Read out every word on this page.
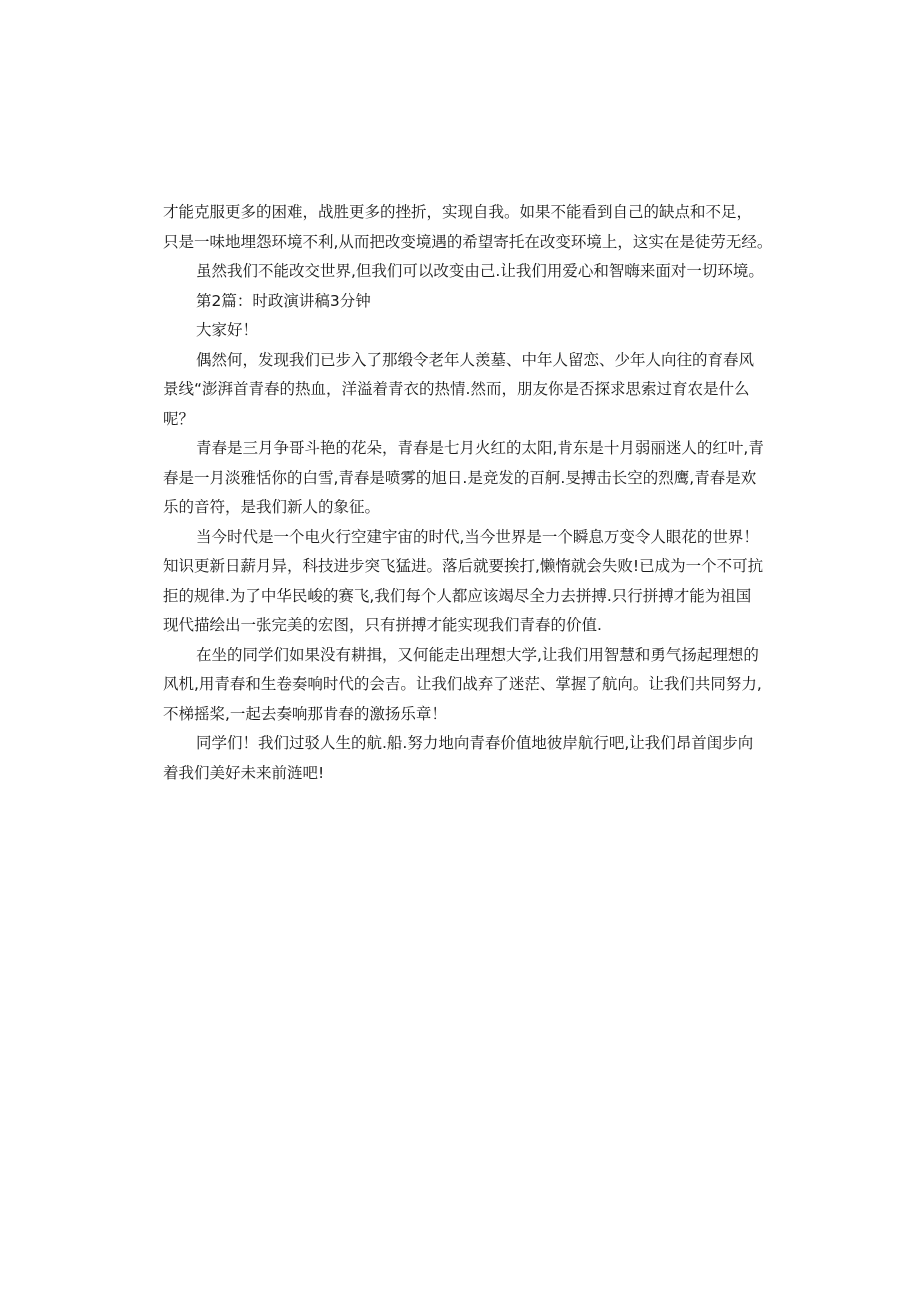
才能克服更多的困难，战胜更多的挫折，实现自我。如果不能看到自己的缺点和不足，

只是一味地埋怨环境不利,从而把改变境遇的希望寄托在改变环境上，这实在是徒劳无经。

虽然我们不能改交世界,但我们可以改变由己.让我们用爱心和智嗨来面对一切环境。

第2篇：时政演讲稿3分钟

大家好！

偶然何，发现我们已步入了那缎令老年人羡墓、中年人留恋、少年人向往的育春风

景线“澎湃首青春的热血，洋溢着青衣的热情.然而，朋友你是否探求思索过育农是什么

呢？

青春是三月争哥斗艳的花朵，青春是七月火红的太阳,肯东是十月弱丽迷人的红叶,青

春是一月淡雅恬你的白雪,青春是喷雾的旭日.是竞发的百舸.旻搏击长空的烈鹰,青春是欢

乐的音符，是我们新人的象征。

当今时代是一个电火行空建宇宙的时代,当今世界是一个瞬息万变令人眼花的世界！

知识更新日薪月异，科技进步突飞猛进。落后就要挨打,懒惰就会失败!已成为一个不可抗

拒的规律.为了中华民峻的赛飞,我们每个人都应该竭尽全力去拼搏.只行拼搏才能为祖国

现代描绘出一张完美的宏图，只有拼搏才能实现我们青春的价值.

在坐的同学们如果没有耕揖，又何能走出理想大学,让我们用智慧和勇气扬起理想的

风机,用青春和生卷奏响时代的会吉。让我们战弃了迷茫、掌握了航向。让我们共同努力,

不梯摇桨,一起去奏响那肯春的激扬乐章！

同学们！我们过驳人生的航.船.努力地向青春价值地彼岸航行吧,让我们昂首闺步向

着我们美好未来前涟吧!
